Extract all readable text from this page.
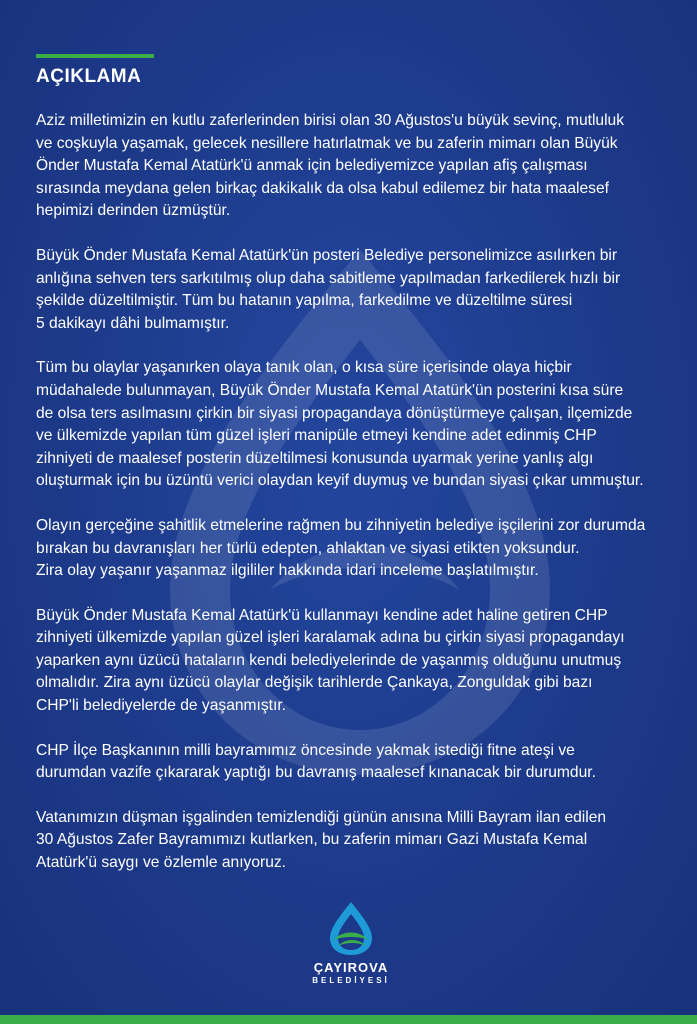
AÇIKLAMA

Aziz milletimizin en kutlu zaferlerinden birisi olan 30 Ağustos'u büyük sevinç, mutluluk
ve coşkuyla yaşamak, gelecek nesillere hatırlatmak ve bu zaferin mimarı olan Büyük
Önder Mustafa Kemal Atatürk'ü anmak için belediyemizce yapılan afiş çalışması
sırasında meydana gelen birkaç dakikalık da olsa kabul edilemez bir hata maalesef
hepimizi derinden üzmüştür.

Büyük Önder Mustafa Kemal Atatürk'ün posteri Belediye personelimizce asılırken bir
anlığına sehven ters sarkıtılmış olup daha sabitleme yapılmadan farkedilerek hızlı bir
şekilde düzeltilmiştir. Tüm bu hatanın yapılma, farkedilme ve düzeltilme süresi
5 dakikayı dâhi bulmamıştır.

Tüm bu olaylar yaşanırken olaya tanık olan, o kısa süre içerisinde olaya hiçbir
müdahalede bulunmayan, Büyük Önder Mustafa Kemal Atatürk'ün posterini kısa süre
de olsa ters asılmasını çirkin bir siyasi propagandaya dönüştürmeye çalışan, ilçemizde
ve ülkemizde yapılan tüm güzel işleri manipüle etmeyi kendine adet edinmiş CHP
zihniyeti de maalesef posterin düzeltilmesi konusunda uyarmak yerine yanlış algı
oluşturmak için bu üzüntü verici olaydan keyif duymuş ve bundan siyasi çıkar ummuştur.

Olayın gerçeğine şahitlik etmelerine rağmen bu zihniyetin belediye işçilerini zor durumda
bırakan bu davranışları her türlü edepten, ahlaktan ve siyasi etikten yoksundur.
Zira olay yaşanır yaşanmaz ilgililer hakkında idari inceleme başlatılmıştır.

Büyük Önder Mustafa Kemal Atatürk'ü kullanmayı kendine adet haline getiren CHP
zihniyeti ülkemizde yapılan güzel işleri karalamak adına bu çirkin siyasi propagandayı
yaparken aynı üzücü hataların kendi belediyelerinde de yaşanmış olduğunu unutmuş
olmalıdır. Zira aynı üzücü olaylar değişik tarihlerde Çankaya, Zonguldak gibi bazı
CHP'li belediyelerde de yaşanmıştır.

CHP İlçe Başkanının milli bayramımız öncesinde yakmak istediği fitne ateşi ve
durumdan vazife çıkararak yaptığı bu davranış maalesef kınanacak bir durumdur.

Vatanımızın düşman işgalinden temizlendiği günün anısına Milli Bayram ilan edilen
30 Ağustos Zafer Bayramımızı kutlarken, bu zaferin mimarı Gazi Mustafa Kemal
Atatürk'ü saygı ve özlemle anıyoruz.

ÇAYIROVA
BELEDİYESİ
